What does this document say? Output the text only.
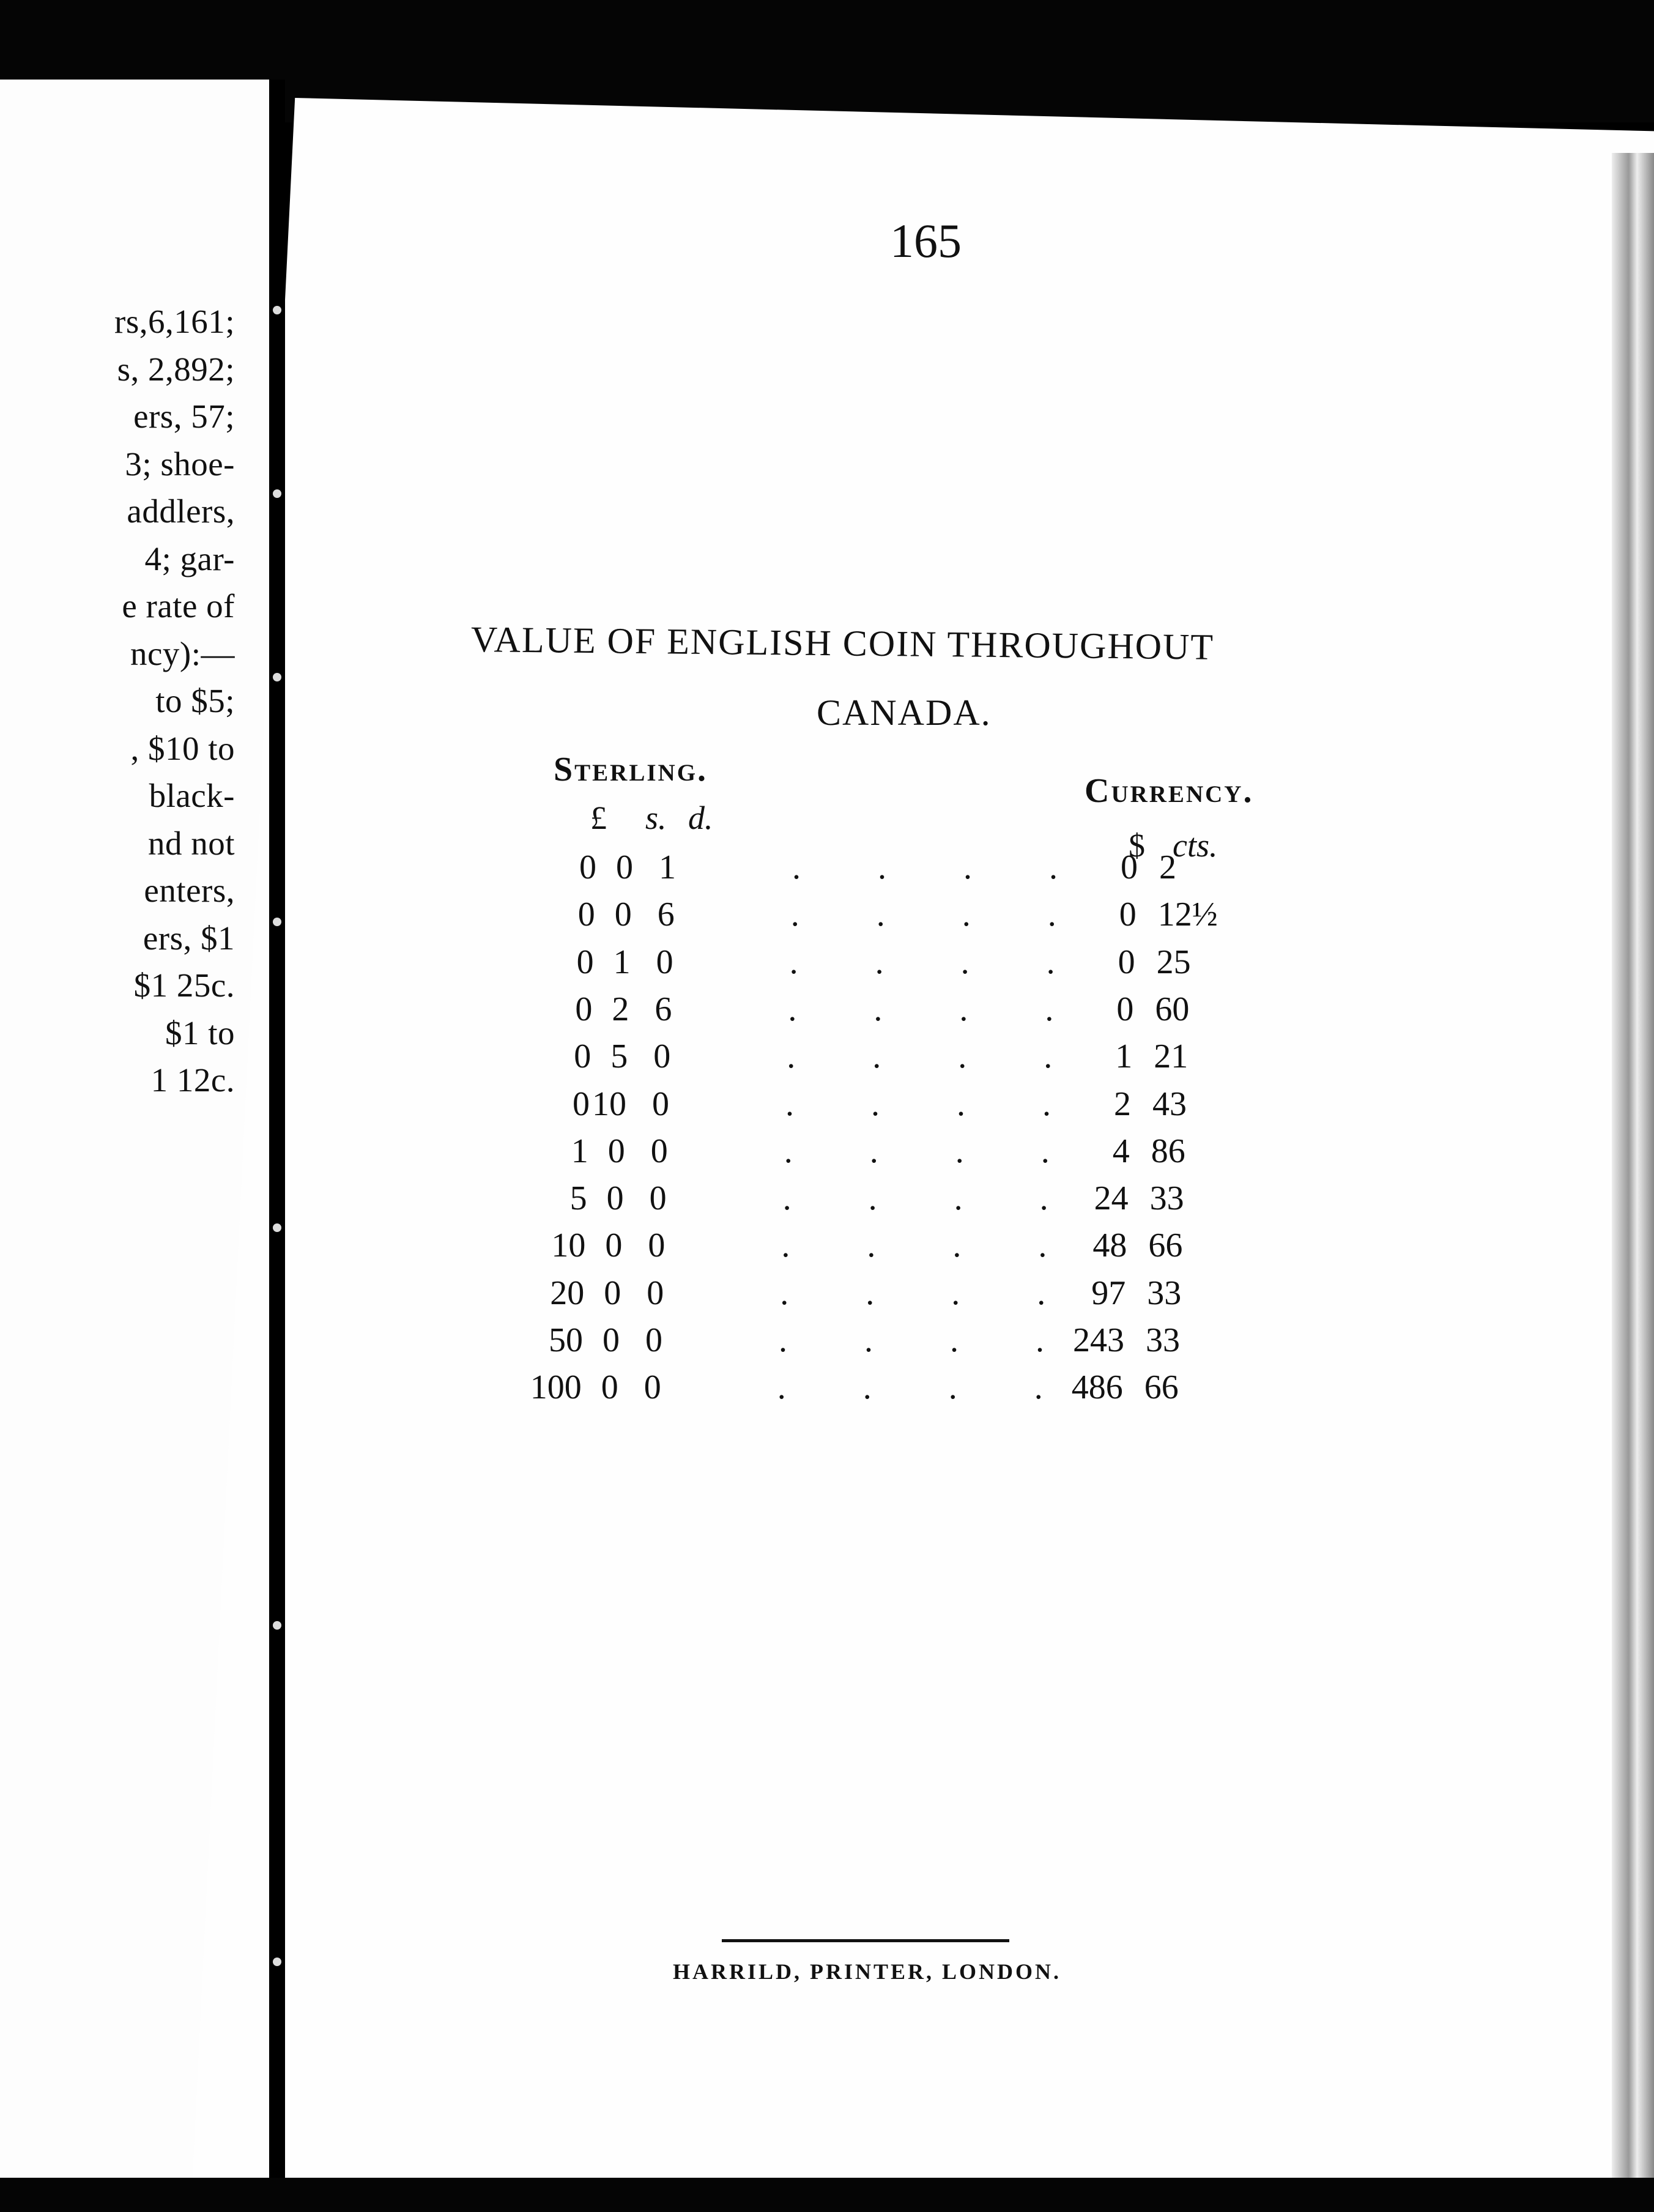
rs,6,161;
s, 2,892;
ers, 57;
3; shoe-
addlers,
4; gar-
e rate of
ncy):—
to $5;
, $10 to
black-
nd not
enters,
ers, $1
$1 25c.
$1 to
1 12c.
165
VALUE OF ENGLISH COIN THROUGHOUT
CANADA.
Sterling.
Currency.
£ s. d.
$ cts.
0 0 1	. . . .	0 2
0 0 6	. . . .	0 12½
0 1 0	. . . .	0 25
0 2 6	. . . .	0 60
0 5 0	. . . .	1 21
0 10 0	. . . .	2 43
1 0 0	. . . .	4 86
5 0 0	. . . .	24 33
10 0 0	. . . .	48 66
20 0 0	. . . .	97 33
50 0 0	. . . . 243 33
100 0 0	. . . . 486 66
HARRILD, PRINTER, LONDON.
